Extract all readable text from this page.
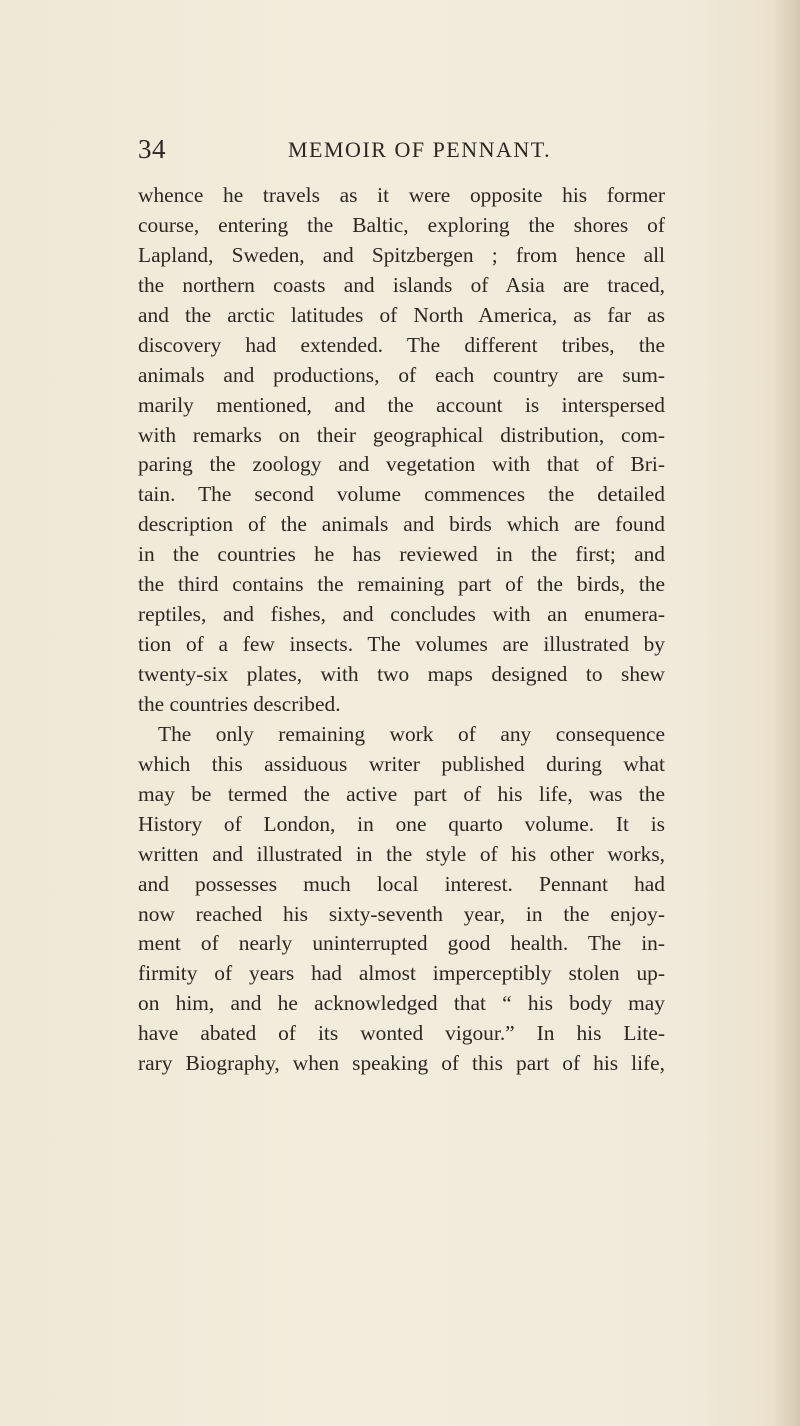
34	MEMOIR OF PENNANT.
whence he travels as it were opposite his former
course, entering the Baltic, exploring the shores of
Lapland, Sweden, and Spitzbergen ; from hence all
the northern coasts and islands of Asia are traced,
and the arctic latitudes of North America, as far as
discovery had extended. The different tribes, the
animals and productions, of each country are sum-
marily mentioned, and the account is interspersed
with remarks on their geographical distribution, com-
paring the zoology and vegetation with that of Bri-
tain. The second volume commences the detailed
description of the animals and birds which are found
in the countries he has reviewed in the first; and
the third contains the remaining part of the birds, the
reptiles, and fishes, and concludes with an enumera-
tion of a few insects. The volumes are illustrated by
twenty-six plates, with two maps designed to shew
the countries described.
The only remaining work of any consequence
which this assiduous writer published during what
may be termed the active part of his life, was the
History of London, in one quarto volume. It is
written and illustrated in the style of his other works,
and possesses much local interest. Pennant had
now reached his sixty-seventh year, in the enjoy-
ment of nearly uninterrupted good health. The in-
firmity of years had almost imperceptibly stolen up-
on him, and he acknowledged that “ his body may
have abated of its wonted vigour.” In his Lite-
rary Biography, when speaking of this part of his life,
